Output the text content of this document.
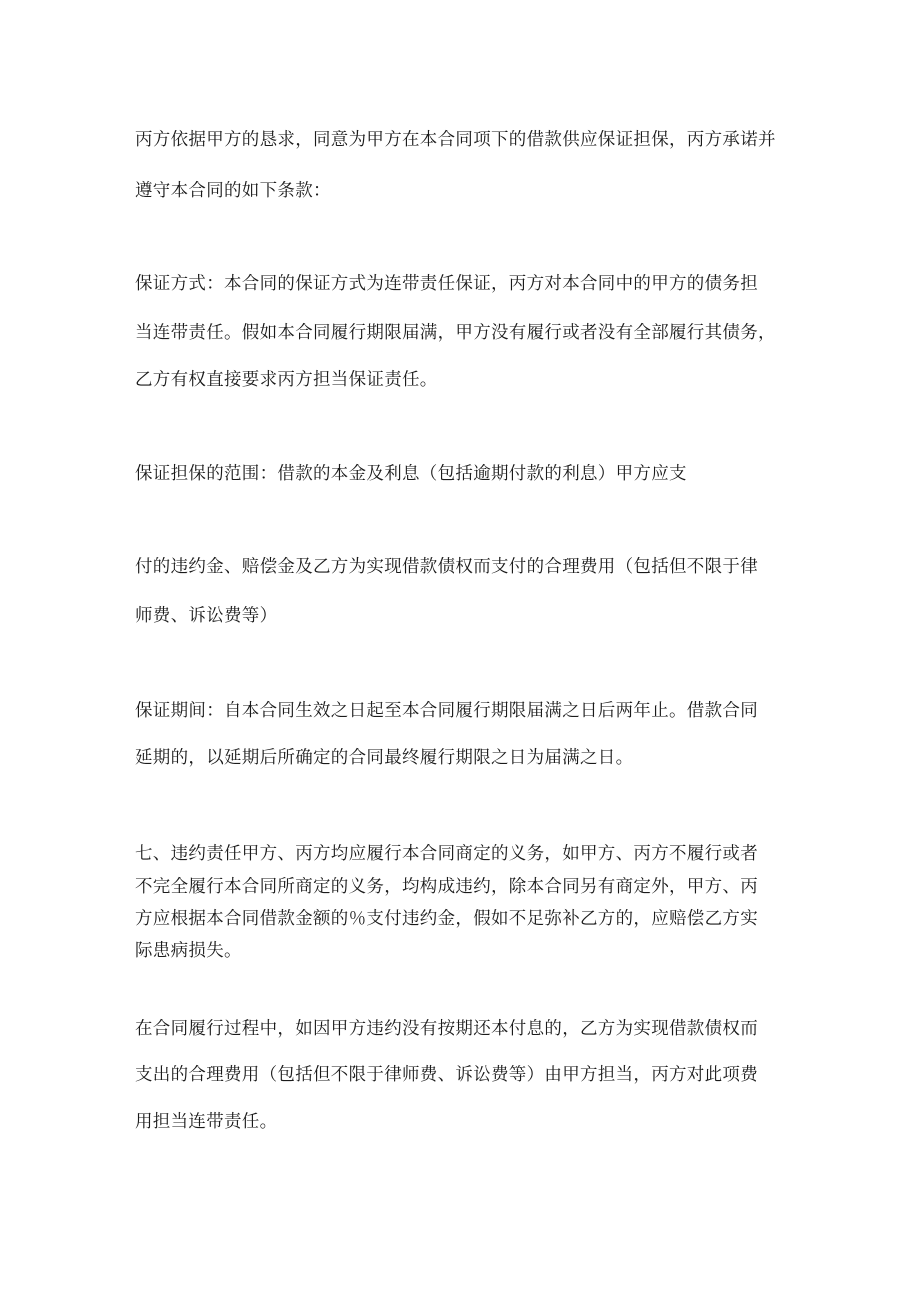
丙方依据甲方的恳求，同意为甲方在本合同项下的借款供应保证担保，丙方承诺并
遵守本合同的如下条款：
保证方式：本合同的保证方式为连带责任保证，丙方对本合同中的甲方的债务担
当连带责任。假如本合同履行期限届满，甲方没有履行或者没有全部履行其债务，
乙方有权直接要求丙方担当保证责任。
保证担保的范围：借款的本金及利息（包括逾期付款的利息）甲方应支
付的违约金、赔偿金及乙方为实现借款债权而支付的合理费用（包括但不限于律
师费、诉讼费等）
保证期间：自本合同生效之日起至本合同履行期限届满之日后两年止。借款合同
延期的，以延期后所确定的合同最终履行期限之日为届满之日。
七、违约责任甲方、丙方均应履行本合同商定的义务，如甲方、丙方不履行或者
不完全履行本合同所商定的义务，均构成违约，除本合同另有商定外，甲方、丙
方应根据本合同借款金额的％支付违约金，假如不足弥补乙方的，应赔偿乙方实
际患病损失。
在合同履行过程中，如因甲方违约没有按期还本付息的，乙方为实现借款债权而
支出的合理费用（包括但不限于律师费、诉讼费等）由甲方担当，丙方对此项费
用担当连带责任。
